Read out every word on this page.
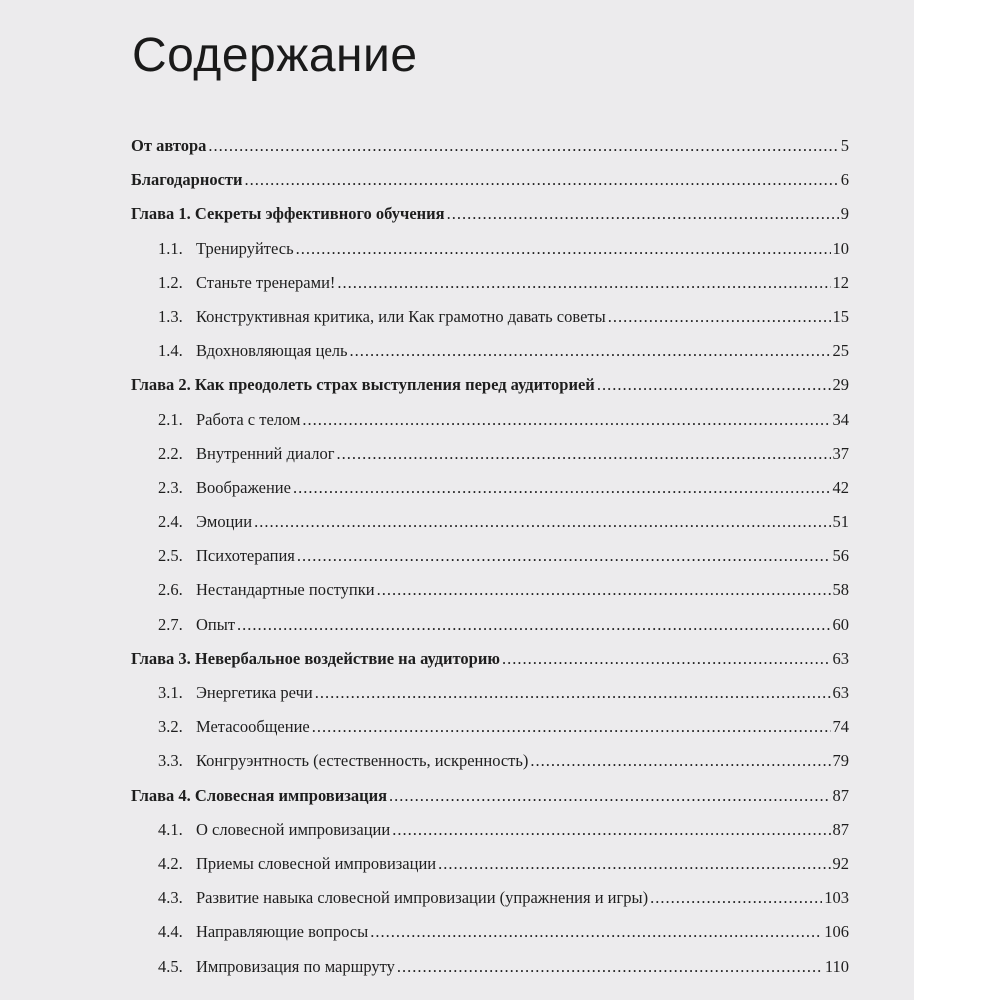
Содержание
От автора .....	5
Благодарности .....	6
Глава 1. Секреты эффективного обучения .....	9
1.1. Тренируйтесь .....	10
1.2. Станьте тренерами! .....	12
1.3. Конструктивная критика, или Как грамотно давать советы .....	15
1.4. Вдохновляющая цель .....	25
Глава 2. Как преодолеть страх выступления перед аудиторией .....	29
2.1. Работа с телом .....	34
2.2. Внутренний диалог .....	37
2.3. Воображение .....	42
2.4. Эмоции .....	51
2.5. Психотерапия .....	56
2.6. Нестандартные поступки .....	58
2.7. Опыт .....	60
Глава 3. Невербальное воздействие на аудиторию .....	63
3.1. Энергетика речи .....	63
3.2. Метасообщение .....	74
3.3. Конгруэнтность (естественность, искренность) .....	79
Глава 4. Словесная импровизация .....	87
4.1. О словесной импровизации .....	87
4.2. Приемы словесной импровизации .....	92
4.3. Развитие навыка словесной импровизации (упражнения и игры) .....	103
4.4. Направляющие вопросы .....	106
4.5. Импровизация по маршруту .....	110
